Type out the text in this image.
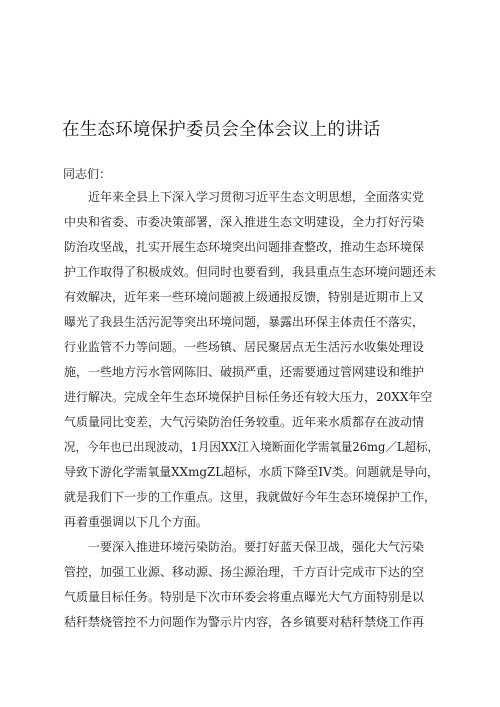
在生态环境保护委员会全体会议上的讲话
同志们：
近年来全县上下深入学习贯彻习近平生态文明思想，全面落实党
中央和省委、市委决策部署，深入推进生态文明建设，全力打好污染
防治攻坚战，扎实开展生态环境突出问题排查整改，推动生态环境保
护工作取得了积极成效。但同时也要看到，我县重点生态环境问题还未
有效解决，近年来一些环境问题被上级通报反馈，特别是近期市上又
曝光了我县生活污泥等突出环境问题，暴露出环保主体责任不落实，
行业监管不力等问题。一些场镇、居民聚居点无生活污水收集处理设
施，一些地方污水管网陈旧、破损严重，还需要通过管网建设和维护
进行解决。完成全年生态环境保护目标任务还有较大压力，20XX年空
气质量同比变差，大气污染防治任务较重。近年来水质都存在波动情
况，今年也已出现波动，1月因XX江入境断面化学需氧量26mg／L超标，
导致下游化学需氧量XXmgZL超标，水质下降至IV类。问题就是导向，
就是我们下一步的工作重点。这里，我就做好今年生态环境保护工作，
再着重强调以下几个方面。
一要深入推进环境污染防治。要打好蓝天保卫战，强化大气污染
管控，加强工业源、移动源、扬尘源治理，千方百计完成市下达的空
气质量目标任务。特别是下次市环委会将重点曝光大气方面特别是以
秸秆禁烧管控不力问题作为警示片内容，各乡镇要对秸秆禁烧工作再
